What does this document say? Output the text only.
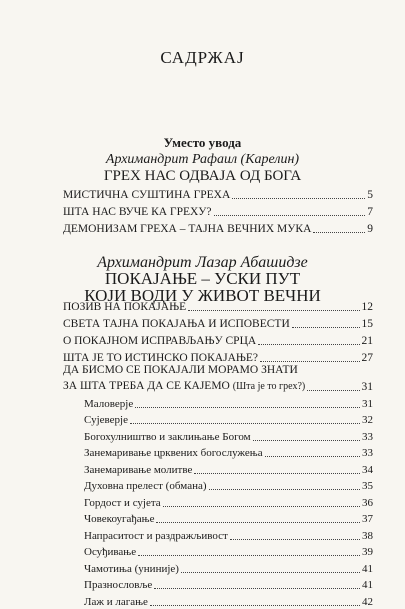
САДРЖАЈ
Уместо увода
Архимандрит Рафаил (Карелин)
ГРЕХ НАС ОДВАЈА ОД БОГА
МИСТИЧНА СУШТИНА ГРЕХА	5
ШТА НАС ВУЧЕ КА ГРЕХУ?	7
ДЕМОНИЗАМ ГРЕХА – ТАЈНА ВЕЧНИХ МУКА	9
Архимандрит Лазар Абашидзе
ПОКАЈАЊЕ – УСКИ ПУТ
КОЈИ ВОДИ У ЖИВОТ ВЕЧНИ
ПОЗИВ НА ПОКАЈАЊЕ	12
СВЕТА ТАЈНА ПОКАЈАЊА И ИСПОВЕСТИ	15
О ПОКАЈНОМ ИСПРАВЉАЊУ СРЦА	21
ШТА ЈЕ ТО ИСТИНСКО ПОКАЈАЊЕ?	27
ДА БИСМО СЕ ПОКАЈАЛИ МОРАМО ЗНАТИ
ЗА ШТА ТРЕБА ДА СЕ КАЈЕМО (Шта је то грех?)	31
Маловерје	31
Сујеверје	32
Богохулништво и заклињање Богом	33
Занемаривање црквених богослужења	33
Занемаривање молитве	34
Духовна прелест (обмана)	35
Гордост и сујета	36
Човекоугађање	37
Напраситост и раздражљивост	38
Осуђивање	39
Чамотиња (униније)	41
Празнословље	41
Лаж и лагање	42
